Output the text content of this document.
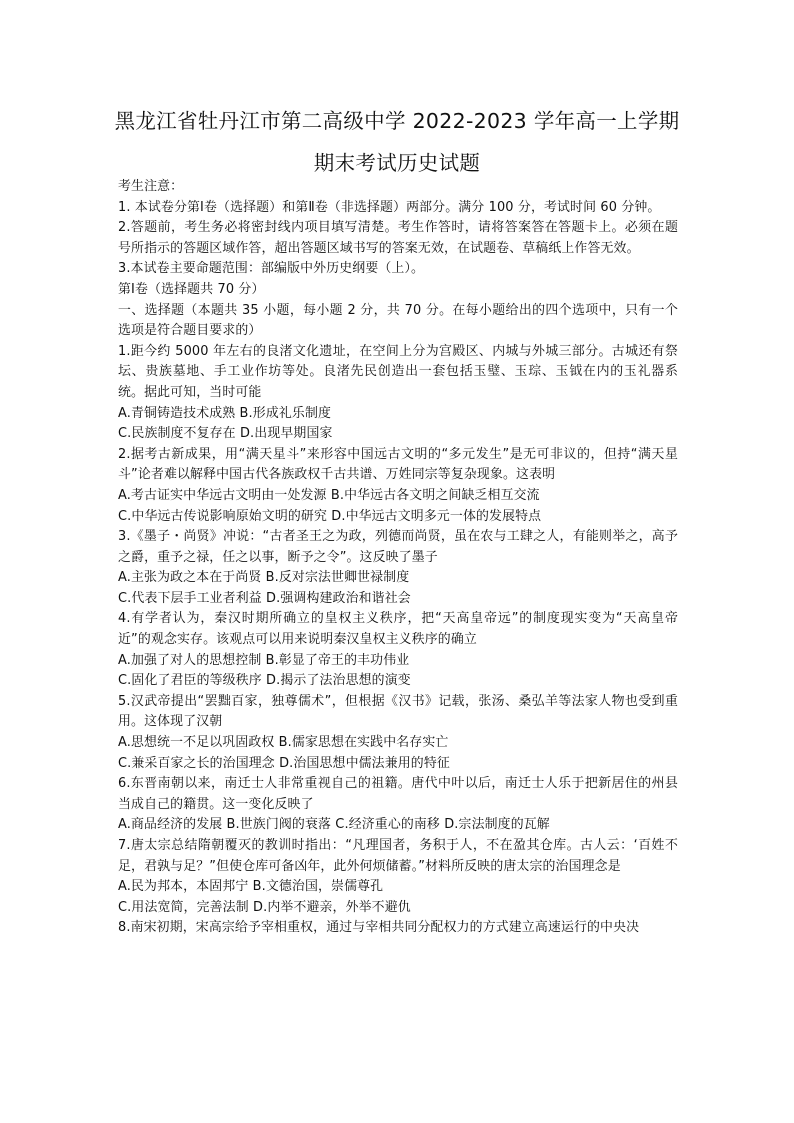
黑龙江省牡丹江市第二高级中学 2022-2023 学年高一上学期
期末考试历史试题

考生注意：

1. 本试卷分第Ⅰ卷（选择题）和第Ⅱ卷（非选择题）两部分。满分 100 分，考试时间 60 分钟。

2.答题前，考生务必将密封线内项目填写清楚。考生作答时，请将答案答在答题卡上。必须在题号所指示的答题区域作答，超出答题区域书写的答案无效，在试题卷、草稿纸上作答无效。

3.本试卷主要命题范围：部编版中外历史纲要（上）。

第Ⅰ卷（选择题共 70 分）

一、选择题（本题共 35 小题，每小题 2 分，共 70 分。在每小题给出的四个选项中，只有一个选项是符合题目要求的）

1.距今约 5000 年左右的良渚文化遗址，在空间上分为宫殿区、内城与外城三部分。古城还有祭坛、贵族墓地、手工业作坊等处。良渚先民创造出一套包括玉璧、玉琮、玉钺在内的玉礼器系统。据此可知，当时可能

A.青铜铸造技术成熟 B.形成礼乐制度

C.民族制度不复存在 D.出现早期国家

2.据考古新成果，用“满天星斗”来形容中国远古文明的“多元发生”是无可非议的，但持“满天星斗”论者难以解释中国古代各族政权千古共谱、万姓同宗等复杂现象。这表明

A.考古证实中华远古文明由一处发源 B.中华远古各文明之间缺乏相互交流

C.中华远古传说影响原始文明的研究 D.中华远古文明多元一体的发展特点

3.《墨子・尚贤》冲说：“古者圣王之为政，列德而尚贤，虽在农与工肆之人，有能则举之，高予之爵，重予之禄，任之以事，断予之令”。这反映了墨子

A.主张为政之本在于尚贤 B.反对宗法世卿世禄制度

C.代表下层手工业者利益 D.强调构建政治和谐社会

4.有学者认为，秦汉时期所确立的皇权主义秩序，把“天高皇帝远”的制度现实变为“天高皇帝近”的观念实存。该观点可以用来说明秦汉皇权主义秩序的确立

A.加强了对人的思想控制 B.彰显了帝王的丰功伟业

C.固化了君臣的等级秩序 D.揭示了法治思想的演变

5.汉武帝提出“罢黜百家，独尊儒术”，但根据《汉书》记载，张汤、桑弘羊等法家人物也受到重用。这体现了汉朝

A.思想统一不足以巩固政权 B.儒家思想在实践中名存实亡

C.兼采百家之长的治国理念 D.治国思想中儒法兼用的特征

6.东晋南朝以来，南迁士人非常重视自己的祖籍。唐代中叶以后，南迁士人乐于把新居住的州县当成自己的籍贯。这一变化反映了

A.商品经济的发展 B.世族门阀的衰落 C.经济重心的南移 D.宗法制度的瓦解

7.唐太宗总结隋朝覆灭的教训时指出：“凡理国者，务积于人，不在盈其仓库。古人云：‘百姓不足，君孰与足？”但使仓库可备凶年，此外何烦储蓄。”材料所反映的唐太宗的治国理念是

A.民为邦本，本固邦宁 B.文德治国，崇儒尊孔

C.用法宽简，完善法制 D.内举不避亲，外举不避仇

8.南宋初期，宋高宗给予宰相重权，通过与宰相共同分配权力的方式建立高速运行的中央决
